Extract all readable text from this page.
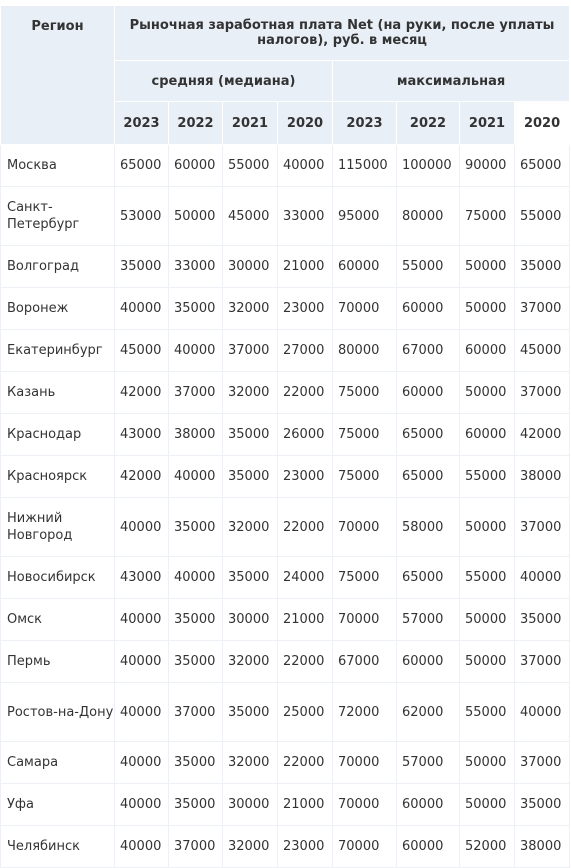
Регион	Рыночная заработная плата Net (на руки, после уплаты налогов), руб. в месяц							
	средняя (медиана)				максимальная			
	2023	2022	2021	2020	2023	2022	2021	2020
Москва	65000	60000	55000	40000	115000	100000	90000	65000
Санкт-Петербург	53000	50000	45000	33000	95000	80000	75000	55000
Волгоград	35000	33000	30000	21000	60000	55000	50000	35000
Воронеж	40000	35000	32000	23000	70000	60000	50000	37000
Екатеринбург	45000	40000	37000	27000	80000	67000	60000	45000
Казань	42000	37000	32000	22000	75000	60000	50000	37000
Краснодар	43000	38000	35000	26000	75000	65000	60000	42000
Красноярск	42000	40000	35000	23000	75000	65000	55000	38000
Нижний Новгород	40000	35000	32000	22000	70000	58000	50000	37000
Новосибирск	43000	40000	35000	24000	75000	65000	55000	40000
Омск	40000	35000	30000	21000	70000	57000	50000	35000
Пермь	40000	35000	32000	22000	67000	60000	50000	37000
Ростов-на-Дону	40000	37000	35000	25000	72000	62000	55000	40000
Самара	40000	35000	32000	22000	70000	57000	50000	37000
Уфа	40000	35000	30000	21000	70000	60000	50000	35000
Челябинск	40000	37000	32000	23000	70000	60000	52000	38000
